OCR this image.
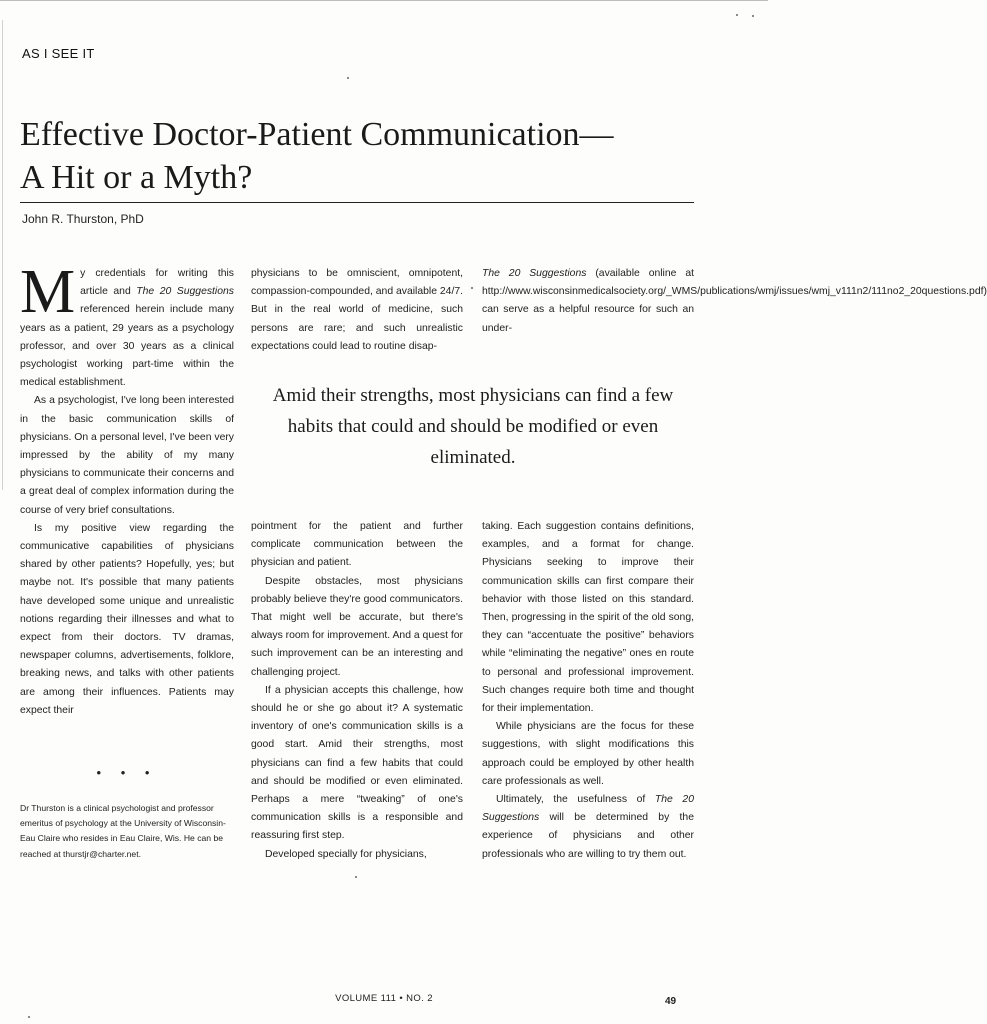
AS I SEE IT
Effective Doctor-Patient Communication—
A Hit or a Myth?
John R. Thurston, PhD
M y credentials for writing this article and The 20 Suggestions referenced herein include many years as a patient, 29 years as a psychology professor, and over 30 years as a clinical psychologist working part-time within the medical establishment.

As a psychologist, I've long been interested in the basic communication skills of physicians. On a personal level, I've been very impressed by the ability of my many physicians to communicate their concerns and a great deal of complex information during the course of very brief consultations.

Is my positive view regarding the communicative capabilities of physicians shared by other patients? Hopefully, yes; but maybe not. It's possible that many patients have developed some unique and unrealistic notions regarding their illnesses and what to expect from their doctors. TV dramas, newspaper columns, advertisements, folklore, breaking news, and talks with other patients are among their influences. Patients may expect their

physicians to be omniscient, omnipotent, compassion-compounded, and available 24/7. But in the real world of medicine, such persons are rare; and such unrealistic expectations could lead to routine disap-

The 20 Suggestions (available online at http://www.wisconsinmedicalsociety.org/_WMS/publications/wmj/issues/wmj_v111n2/111no2_20questions.pdf) can serve as a helpful resource for such an under-

Amid their strengths, most physicians can find a few habits that could and should be modified or even eliminated.

pointment for the patient and further complicate communication between the physician and patient.

Despite obstacles, most physicians probably believe they're good communicators. That might well be accurate, but there's always room for improvement. And a quest for such improvement can be an interesting and challenging project.

If a physician accepts this challenge, how should he or she go about it? A systematic inventory of one's communication skills is a good start. Amid their strengths, most physicians can find a few habits that could and should be modified or even eliminated. Perhaps a mere “tweaking” of one's communication skills is a responsible and reassuring first step.

Developed specially for physicians,

taking. Each suggestion contains definitions, examples, and a format for change. Physicians seeking to improve their communication skills can first compare their behavior with those listed on this standard. Then, progressing in the spirit of the old song, they can “accentuate the positive” behaviors while “eliminating the negative” ones en route to personal and professional improvement. Such changes require both time and thought for their implementation.

While physicians are the focus for these suggestions, with slight modifications this approach could be employed by other health care professionals as well.

Ultimately, the usefulness of The 20 Suggestions will be determined by the experience of physicians and other professionals who are willing to try them out.

• • •

Dr Thurston is a clinical psychologist and professor emeritus of psychology at the University of Wisconsin-Eau Claire who resides in Eau Claire, Wis. He can be reached at thurstjr@charter.net.

VOLUME 111 • NO. 2	49
